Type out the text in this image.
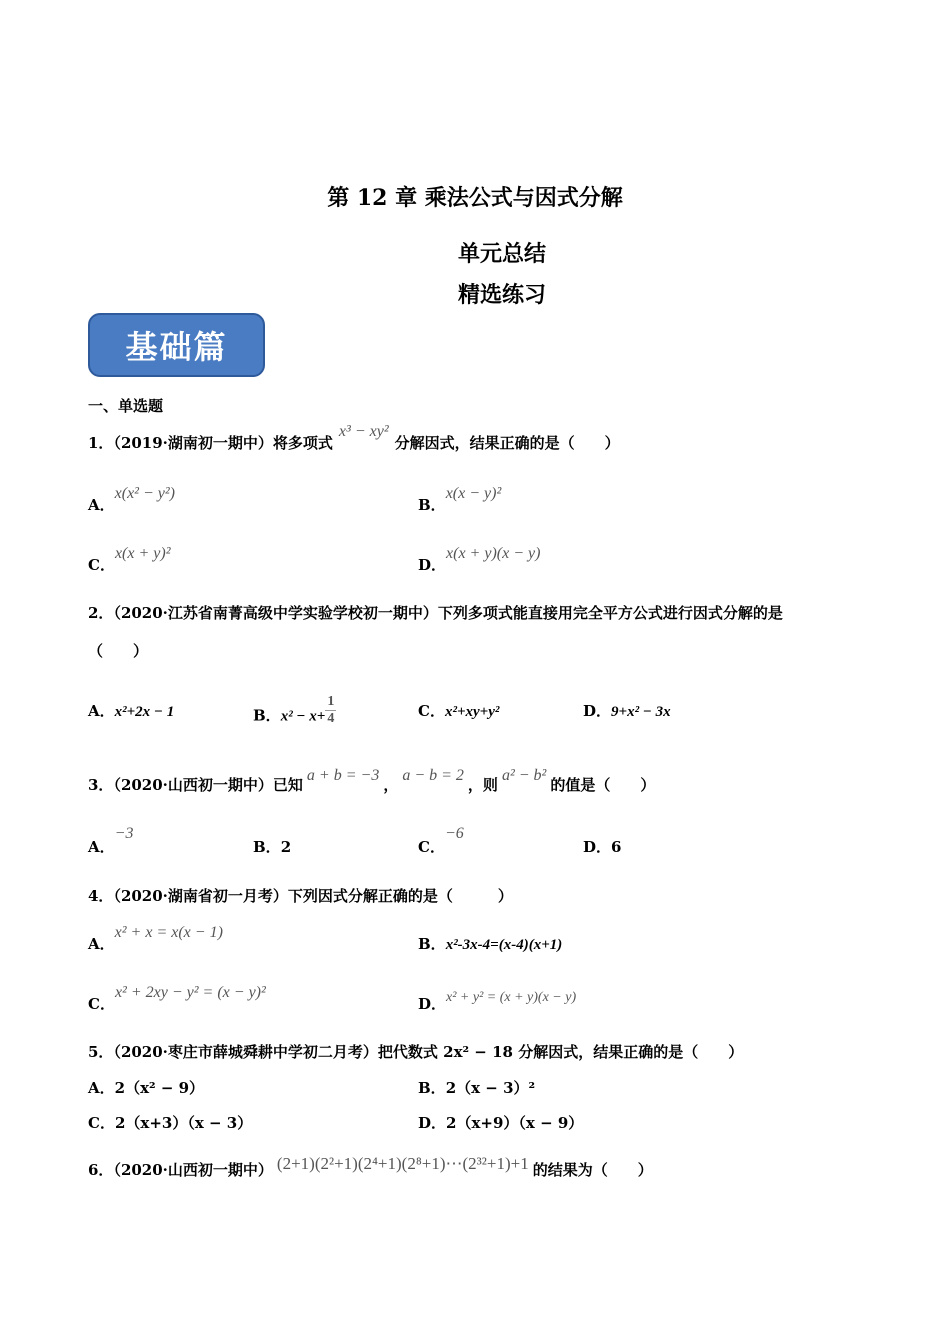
第 12 章 乘法公式与因式分解
单元总结
精选练习
基础篇
一、单选题
1．（2019·湖南初一期中）将多项式x³ − xy²分解因式，结果正确的是（　　）
A．x(x² − y²)
B．x(x − y)²
C．x(x + y)²
D．x(x + y)(x − y)
2．（2020·江苏省南菁高级中学实验学校初一期中）下列多项式能直接用完全平方公式进行因式分解的是
（　　）
A．x²+2x − 1	B．$x^2 - x+ \frac{1}{4}$	C．x²+xy+y²	D．9+x² − 3x
3．（2020·山西初一期中）已知a + b = −3，a − b = 2，则a² − b²的值是（　　）
A．−3
B．2	C．−6
D．6
4．（2020·湖南省初一月考）下列因式分解正确的是（　　　）
A．x² + x = x(x − 1)
B．x²-3x-4=(x-4)(x+1)
C．x² + 2xy − y² = (x − y)²
D．x² + y² = (x + y)(x − y)
5．（2020·枣庄市薛城舜耕中学初二月考）把代数式 2x² − 18 分解因式，结果正确的是（　　）
A．2（x² − 9）	B．2（x − 3）²
C．2（x+3）（x − 3）	D．2（x+9）（x − 9）
6．（2020·山西初一期中） (2+1)(2²+1)(2⁴+1)(2⁸+1)⋯(2³²+1)+1 的结果为（　　）
